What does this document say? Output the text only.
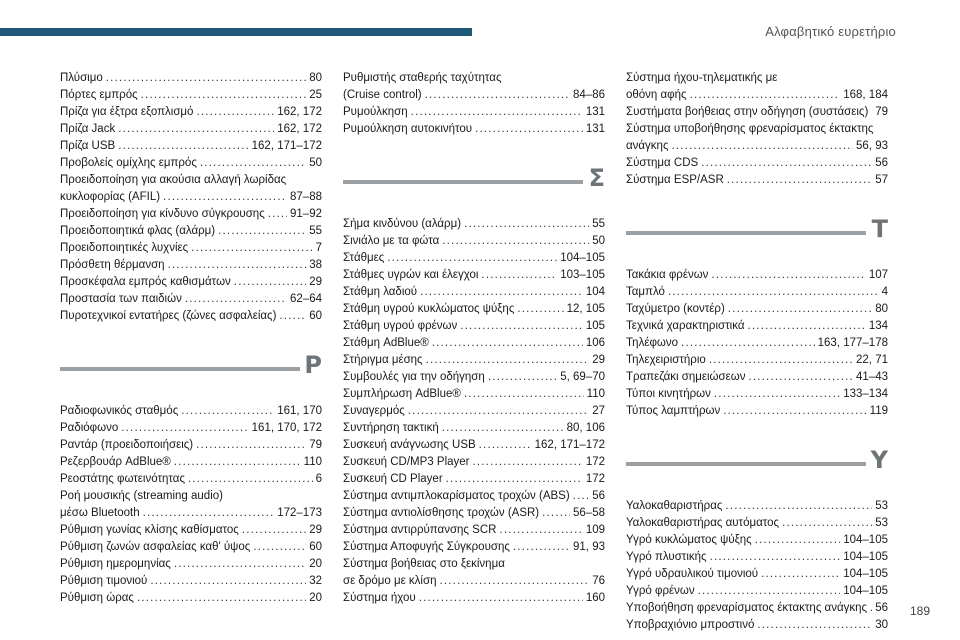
Αλφαβητικό ευρετήριο
Πλύσιμο .....	80
Πόρτες εμπρός .....	25
Πρίζα για έξτρα εξοπλισμό .....	162, 172
Πρίζα Jack .....	162, 172
Πρίζα USB .....	162, 171–172
Προβολείς ομίχλης εμπρός .....	50
Προειδοποίηση για ακούσια αλλαγή λωρίδας
κυκλοφορίας (AFIL) .....	87–88
Προειδοποίηση για κίνδυνο σύγκρουσης ..... 91–92
Προειδοποιητικά φλας (αλάρμ) .....	55
Προειδοποιητικές λυχνίες .....	7
Πρόσθετη θέρμανση .....	38
Προσκέφαλα εμπρός καθισμάτων .....	29
Προστασία των παιδιών .....	62–64
Πυροτεχνικοί εντατήρες (ζώνες ασφαλείας) .....	60
Ρ
Ραδιοφωνικός σταθμός .....	161, 170
Ραδιόφωνο .....	161, 170, 172
Ραντάρ (προειδοποιήσεις) .....	79
Ρεζερβουάρ AdBlue® .....	110
Ρεοστάτης φωτεινότητας .....	6
Ροή μουσικής (streaming audio)
μέσω Bluetooth .....	172–173
Ρύθμιση γωνίας κλίσης καθίσματος .....	29
Ρύθμιση ζωνών ασφαλείας καθ' ύψος .....	60
Ρύθμιση ημερομηνίας .....	20
Ρύθμιση τιμονιού .....	32
Ρύθμιση ώρας .....	20
Ρυθμιστής σταθερής ταχύτητας
(Cruise control) .....	84–86
Ρυμούλκηση .....	131
Ρυμούλκηση αυτοκινήτου .....	131
Σ
Σήμα κινδύνου (αλάρμ) .....	55
Σινιάλο με τα φώτα .....	50
Στάθμες .....	104–105
Στάθμες υγρών και έλεγχοι .....	103–105
Στάθμη λαδιού .....	104
Στάθμη υγρού κυκλώματος ψύξης .....	12, 105
Στάθμη υγρού φρένων .....	105
Στάθμη AdBlue® .....	106
Στήριγμα μέσης .....	29
Συμβουλές για την οδήγηση .....	5, 69–70
Συμπλήρωση AdBlue® .....	110
Συναγερμός .....	27
Συντήρηση τακτική .....	80, 106
Συσκευή ανάγνωσης USB .....	162, 171–172
Συσκευή CD/MP3 Player .....	172
Συσκευή CD Player .....	172
Σύστημα αντιμπλοκαρίσματος τροχών (ABS) ..... 56
Σύστημα αντιολίσθησης τροχών (ASR) .....	56–58
Σύστημα αντιρρύπανσης SCR .....	109
Σύστημα Αποφυγής Σύγκρουσης .....	91, 93
Σύστημα βοήθειας στο ξεκίνημα
σε δρόμο με κλίση .....	76
Σύστημα ήχου .....	160
Σύστημα ήχου-τηλεματικής με
οθόνη αφής .....	168, 184
Συστήματα βοήθειας στην οδήγηση (συστάσεις) ..... 79
Σύστημα υποβοήθησης φρεναρίσματος έκτακτης
ανάγκης .....	56, 93
Σύστημα CDS .....	56
Σύστημα ESP/ASR .....	57
Τ
Τακάκια φρένων .....	107
Ταμπλό .....	4
Ταχύμετρο (κοντέρ) .....	80
Τεχνικά χαρακτηριστικά .....	134
Τηλέφωνο .....	163, 177–178
Τηλεχειριστήριο .....	22, 71
Τραπεζάκι σημειώσεων .....	41–43
Τύποι κινητήρων .....	133–134
Τύπος λαμπτήρων .....	119
Υ
Υαλοκαθαριστήρας .....	53
Υαλοκαθαριστήρας αυτόματος .....	53
Υγρό κυκλώματος ψύξης .....	104–105
Υγρό πλυστικής .....	104–105
Υγρό υδραυλικού τιμονιού .....	104–105
Υγρό φρένων .....	104–105
Υποβοήθηση φρεναρίσματος έκτακτης ανάγκης ..... 56
Υποβραχιόνιο μπροστινό .....	30
189
